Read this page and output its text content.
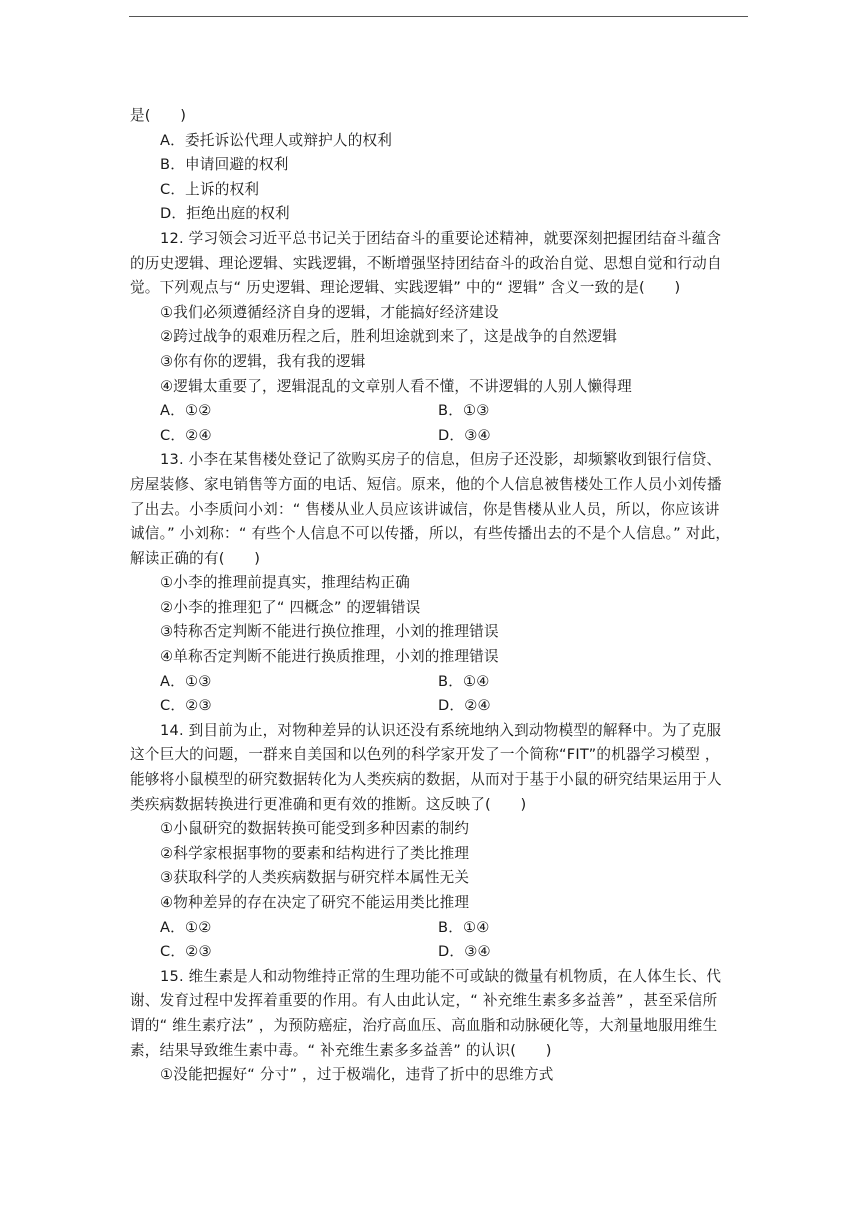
是(　　)
A．委托诉讼代理人或辩护人的权利
B．申请回避的权利
C．上诉的权利
D．拒绝出庭的权利
12. 学习领会习近平总书记关于团结奋斗的重要论述精神，就要深刻把握团结奋斗蕴含
的历史逻辑、理论逻辑、实践逻辑，不断增强坚持团结奋斗的政治自觉、思想自觉和行动自
觉。下列观点与“ 历史逻辑、理论逻辑、实践逻辑” 中的“ 逻辑” 含义一致的是(　　)
①我们必须遵循经济自身的逻辑，才能搞好经济建设
②跨过战争的艰难历程之后，胜利坦途就到来了，这是战争的自然逻辑
③你有你的逻辑，我有我的逻辑
④逻辑太重要了，逻辑混乱的文章别人看不懂，不讲逻辑的人别人懒得理
A．①②	B．①③
C．②④	D．③④
13. 小李在某售楼处登记了欲购买房子的信息，但房子还没影，却频繁收到银行信贷、
房屋装修、家电销售等方面的电话、短信。原来，他的个人信息被售楼处工作人员小刘传播
了出去。小李质问小刘：“ 售楼从业人员应该讲诚信，你是售楼从业人员，所以，你应该讲
诚信。” 小刘称：“ 有些个人信息不可以传播，所以，有些传播出去的不是个人信息。” 对此，
解读正确的有(　　)
①小李的推理前提真实，推理结构正确
②小李的推理犯了“ 四概念” 的逻辑错误
③特称否定判断不能进行换位推理，小刘的推理错误
④单称否定判断不能进行换质推理，小刘的推理错误
A．①③	B．①④
C．②③	D．②④
14. 到目前为止，对物种差异的认识还没有系统地纳入到动物模型的解释中。为了克服
这个巨大的问题，一群来自美国和以色列的科学家开发了一个简称“FIT”的机器学习模型 ，
能够将小鼠模型的研究数据转化为人类疾病的数据，从而对于基于小鼠的研究结果运用于人
类疾病数据转换进行更准确和更有效的推断。这反映了(　　)
①小鼠研究的数据转换可能受到多种因素的制约
②科学家根据事物的要素和结构进行了类比推理
③获取科学的人类疾病数据与研究样本属性无关
④物种差异的存在决定了研究不能运用类比推理
A．①②	B．①④
C．②③	D．③④
15. 维生素是人和动物维持正常的生理功能不可或缺的微量有机物质，在人体生长、代
谢、发育过程中发挥着重要的作用。有人由此认定，“ 补充维生素多多益善” ，甚至采信所
谓的“ 维生素疗法” ，为预防癌症，治疗高血压、高血脂和动脉硬化等，大剂量地服用维生
素，结果导致维生素中毒。“ 补充维生素多多益善” 的认识(　　)
①没能把握好“ 分寸” ，过于极端化，违背了折中的思维方式
